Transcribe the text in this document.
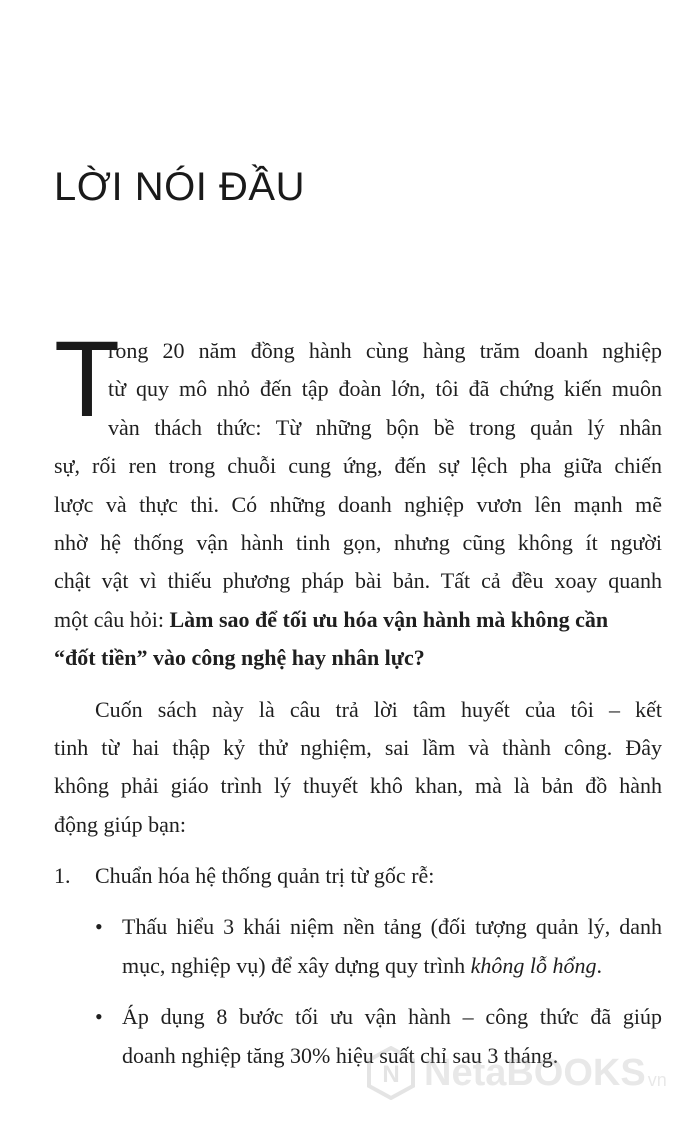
LỜI NÓI ĐẦU
T
rong 20 năm đồng hành cùng hàng trăm doanh nghiệp
từ quy mô nhỏ đến tập đoàn lớn, tôi đã chứng kiến muôn
vàn thách thức: Từ những bộn bề trong quản lý nhân
sự, rối ren trong chuỗi cung ứng, đến sự lệch pha giữa chiến
lược và thực thi. Có những doanh nghiệp vươn lên mạnh mẽ
nhờ hệ thống vận hành tinh gọn, nhưng cũng không ít người
chật vật vì thiếu phương pháp bài bản. Tất cả đều xoay quanh
một câu hỏi: Làm sao để tối ưu hóa vận hành mà không cần
“đốt tiền” vào công nghệ hay nhân lực?
Cuốn sách này là câu trả lời tâm huyết của tôi – kết
tinh từ hai thập kỷ thử nghiệm, sai lầm và thành công. Đây
không phải giáo trình lý thuyết khô khan, mà là bản đồ hành
động giúp bạn:
1. Chuẩn hóa hệ thống quản trị từ gốc rễ:
• Thấu hiểu 3 khái niệm nền tảng (đối tượng quản lý, danh
mục, nghiệp vụ) để xây dựng quy trình không lỗ hổng.
• Áp dụng 8 bước tối ưu vận hành – công thức đã giúp
doanh nghiệp tăng 30% hiệu suất chỉ sau 3 tháng.
N NetaBOOKS vn
